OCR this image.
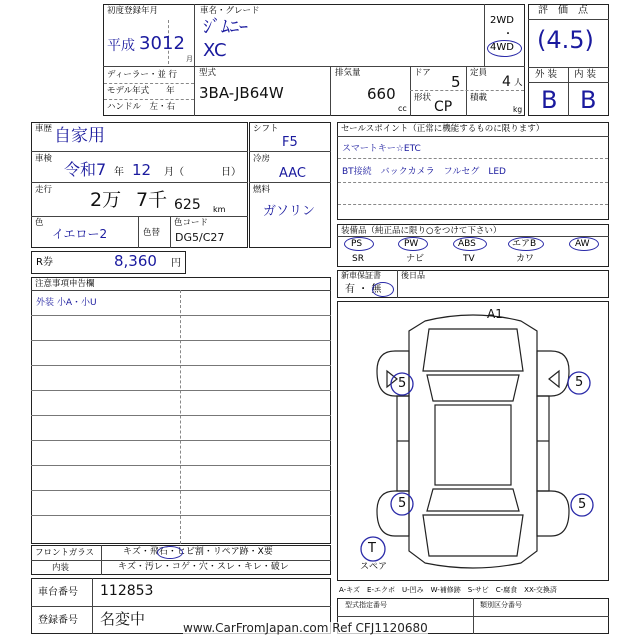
初度登録年月
平成 30 12
月
車名・グレード
ｼﾞﾑﾆｰ
XC
2WD
・
4WD
ディーラー・並 行
モデル年式　　年
ハンドル　左・右
型式
3BA-JB64W
排気量
660
cc
ドア 5
形状
CP
定員
4 人
積載
kg
評　価　点
(4.5)
外 装 内 装
B B
車歴 自家用
車検
令和7 年 12 月（	日）
走行 2万 7千 625 km
色
イエロー2	色替
色コード
DG5/C27
シフト
F5
冷房
AAC
燃料
ガソリン
R券	8,360 円
注意事項申告欄
外装 小A・小U
フロントガラス	キズ・飛石・ヒビ割・リペア跡・X要
内装	キズ・汚レ・コゲ・穴・スレ・キレ・破レ
車台番号 112853
登録番号 名変中
セールスポイント（正常に機能するものに限ります）
スマートキー☆ETC
BT接続　バックカメラ　フルセグ　LED
装備品（純正品に限り○をつけて下さい）
PS	PW	ABS	エアB	AW
SR	ナビ	TV	カワ
新車保証書
有 ・ 無
後日品
A1
5	5
5	5
T
スペア
A-キズ　E-エクボ　U-凹み　W-補修跡　S-サビ　C-腐食　XX-交換済
型式指定番号	類別区分番号
www.CarFromJapan.com Ref CFJ1120680
